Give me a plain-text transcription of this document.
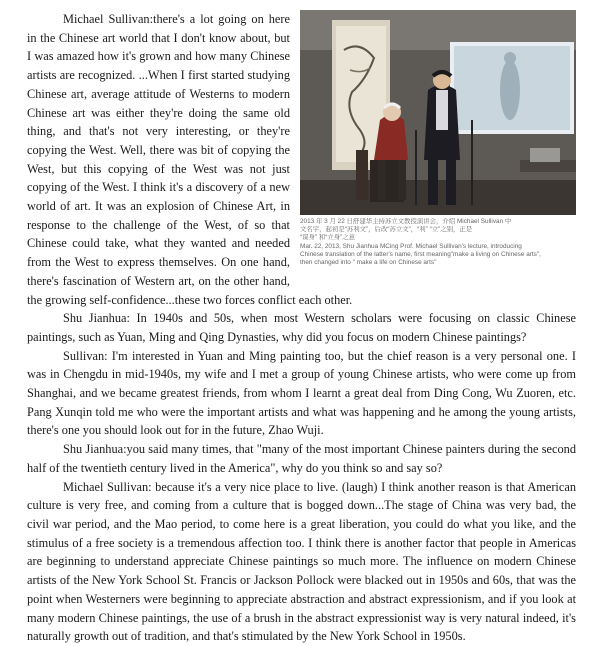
2013 年 3 月 22 日舒建华主持苏立文教授演讲会，介绍 Michael Sullivan 中
文名字，起初是“苏利文”，后改“苏立文”，“利” “立”之别，正是
“谋身” 和“立身”之意
Mar. 22, 2013, Shu Jianhua MCing Prof. Michael Sullivan's lecture, introducing
Chinese translation of the latter's name, first meaning"make a living on Chinese arts",
then changed into " make a life on Chinese arts"

Michael Sullivan:there's a lot going on here in the Chinese art world that I don't know about, but I was amazed how it's grown and how many Chinese artists are recognized. ...When I first started studying Chinese art, average attitude of Westerns to modern Chinese art was either they're doing the same old thing, and that's not very interesting, or they're copying the West. Well, there was bit of copying the West, but this copying of the West was not just copying of the West. I think it's a discovery of a new world of art. It was an explosion of Chinese Art, in response to the challenge of the West, of so that Chinese could take, what they wanted and needed from the West to express themselves. On one hand, there's fascination of Western art, on the other hand, the growing self-confidence...these two forces conflict each other.

Shu Jianhua: In 1940s and 50s, when most Western scholars were focusing on classic Chinese paintings, such as Yuan, Ming and Qing Dynasties, why did you focus on modern Chinese paintings?

Sullivan: I'm interested in Yuan and Ming painting too, but the chief reason is a very personal one. I was in Chengdu in mid-1940s, my wife and I met a group of young Chinese artists, who were come up from Shanghai, and we became greatest friends, from whom I learnt a great deal from Ding Cong, Wu Zuoren, etc. Pang Xunqin told me who were the important artists and what was happening and he among the young artists, there's one you should look out for in the future, Zhao Wuji.

Shu Jianhua:you said many times, that "many of the most important Chinese painters during the second half of the twentieth century lived in the America", why do you think so and say so?

Michael Sullivan: because it's a very nice place to live. (laugh) I think another reason is that American culture is very free, and coming from a culture that is bogged down...The stage of China was very bad, the civil war period, and the Mao period, to come here is a great liberation, you could do what you like, and the stimulus of a free society is a tremendous affection too. I think there is another factor that people in Americas are beginning to understand appreciate Chinese paintings so much more. The influence on modern Chinese artists of the New York School St. Francis or Jackson Pollock were blacked out in 1950s and 60s, that was the point when Westerners were beginning to appreciate abstraction and abstract expressionism, and if you look at many modern Chinese paintings, the use of a brush in the abstract expressionist way is very natural indeed, it's naturally growth out of tradition, and that's stimulated by the New York School in 1950s.
